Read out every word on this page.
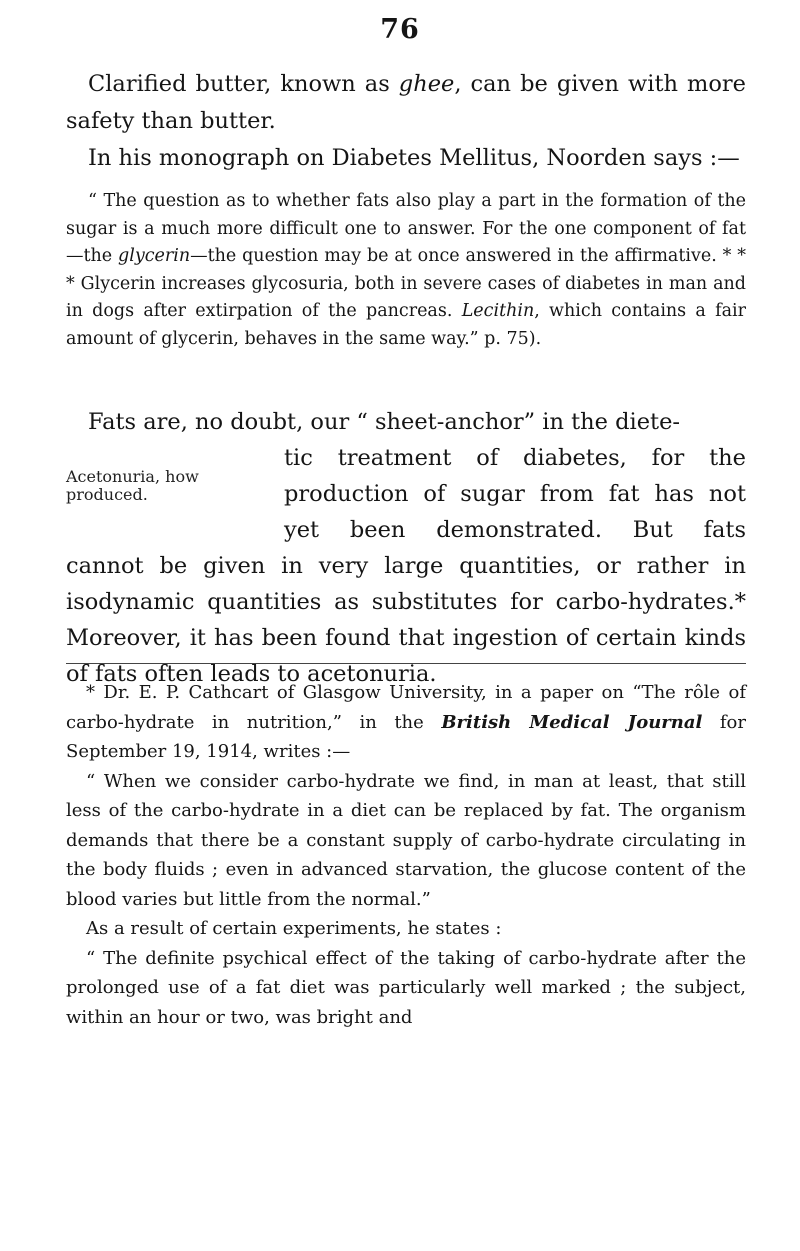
76

Clarified butter, known as ghee, can be given with more safety than butter.

In his monograph on Diabetes Mellitus, Noorden says :—

“ The question as to whether fats also play a part in the formation of the sugar is a much more difficult one to answer. For the one component of fat—the glycerin—the question may be at once answered in the affirmative. * * * Glycerin increases glycosuria, both in severe cases of diabetes in man and in dogs after extirpation of the pancreas. Lecithin, which contains a fair amount of glycerin, behaves in the same way.” p. 75).

Fats are, no doubt, our “ sheet-anchor” in the diete-

Acetonuria, how produced.
tic treatment of diabetes, for the
production of sugar from fat has not
yet been demonstrated. But fats

cannot be given in very large quantities, or rather in isodynamic quantities as substitutes for carbo-hydrates.* Moreover, it has been found that ingestion of certain kinds of fats often leads to acetonuria.

* Dr. E. P. Cathcart of Glasgow University, in a paper on “The rôle of carbo-hydrate in nutrition,” in the British Medical Journal for September 19, 1914, writes :—

“ When we consider carbo-hydrate we find, in man at least, that still less of the carbo-hydrate in a diet can be replaced by fat. The organism demands that there be a constant supply of carbo-hydrate circulating in the body fluids ; even in advanced starvation, the glucose content of the blood varies but little from the normal.”

As a result of certain experiments, he states :

“ The definite psychical effect of the taking of carbo-hydrate after the prolonged use of a fat diet was particularly well marked ; the subject, within an hour or two, was bright and
